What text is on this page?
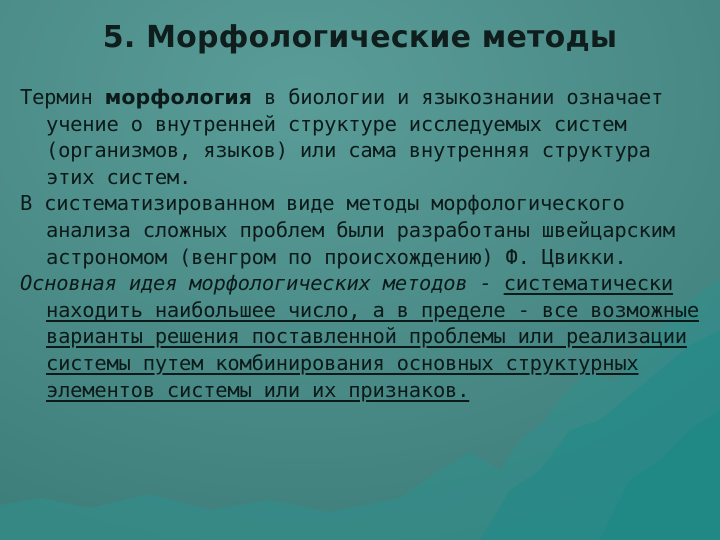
5. Морфологические методы

Термин морфология в биологии и языкознании означает учение о внутренней структуре исследуемых систем (организмов, языков) или сама внутренняя структура этих систем.

В систематизированном виде методы морфологического анализа сложных проблем были разработаны швейцарским астрономом (венгром по происхождению) Ф. Цвикки.

Основная идея морфологических методов - систематически находить наибольшее число, а в пределе - все возможные варианты решения поставленной проблемы или реализации системы путем комбинирования основных структурных элементов системы или их признаков.
